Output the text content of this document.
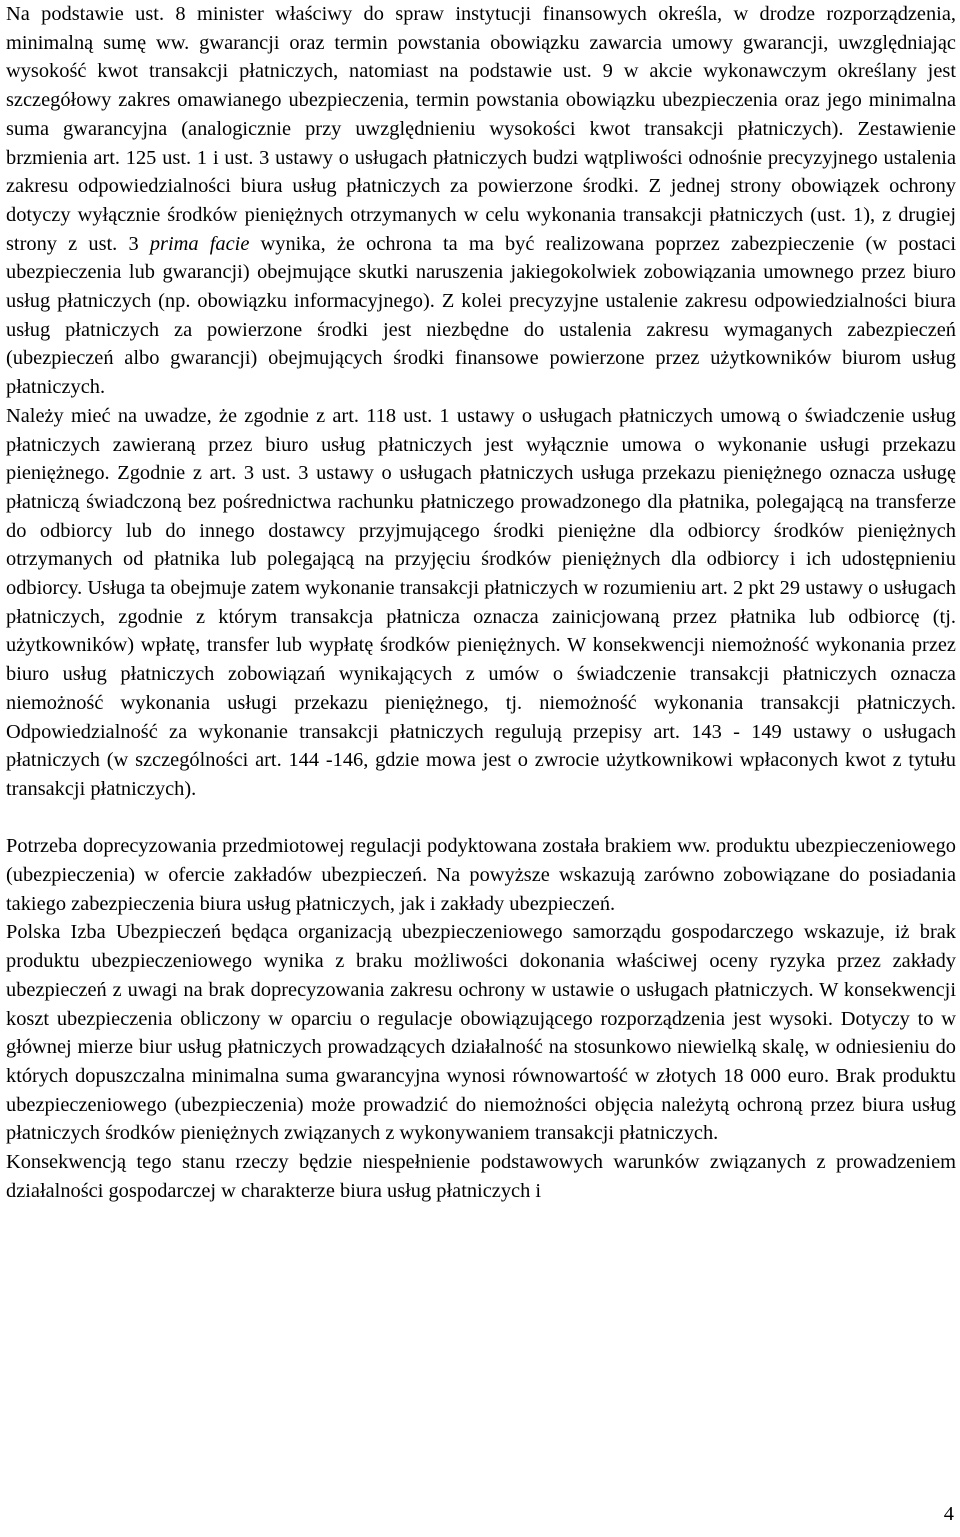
Na podstawie ust. 8 minister właściwy do spraw instytucji finansowych określa, w drodze rozporządzenia, minimalną sumę ww. gwarancji oraz termin powstania obowiązku zawarcia umowy gwarancji, uwzględniając wysokość kwot transakcji płatniczych, natomiast na podstawie ust. 9 w akcie wykonawczym określany jest szczegółowy zakres omawianego ubezpieczenia, termin powstania obowiązku ubezpieczenia oraz jego minimalna suma gwarancyjna (analogicznie przy uwzględnieniu wysokości kwot transakcji płatniczych). Zestawienie brzmienia art. 125 ust. 1 i ust. 3 ustawy o usługach płatniczych budzi wątpliwości odnośnie precyzyjnego ustalenia zakresu odpowiedzialności biura usług płatniczych za powierzone środki. Z jednej strony obowiązek ochrony dotyczy wyłącznie środków pieniężnych otrzymanych w celu wykonania transakcji płatniczych (ust. 1), z drugiej strony z ust. 3 prima facie wynika, że ochrona ta ma być realizowana poprzez zabezpieczenie (w postaci ubezpieczenia lub gwarancji) obejmujące skutki naruszenia jakiegokolwiek zobowiązania umownego przez biuro usług płatniczych (np. obowiązku informacyjnego). Z kolei precyzyjne ustalenie zakresu odpowiedzialności biura usług płatniczych za powierzone środki jest niezbędne do ustalenia zakresu wymaganych zabezpieczeń (ubezpieczeń albo gwarancji) obejmujących środki finansowe powierzone przez użytkowników biurom usług płatniczych.

Należy mieć na uwadze, że zgodnie z art. 118 ust. 1 ustawy o usługach płatniczych umową o świadczenie usług płatniczych zawieraną przez biuro usług płatniczych jest wyłącznie umowa o wykonanie usługi przekazu pieniężnego. Zgodnie z art. 3 ust. 3 ustawy o usługach płatniczych usługa przekazu pieniężnego oznacza usługę płatniczą świadczoną bez pośrednictwa rachunku płatniczego prowadzonego dla płatnika, polegającą na transferze do odbiorcy lub do innego dostawcy przyjmującego środki pieniężne dla odbiorcy środków pieniężnych otrzymanych od płatnika lub polegającą na przyjęciu środków pieniężnych dla odbiorcy i ich udostępnieniu odbiorcy. Usługa ta obejmuje zatem wykonanie transakcji płatniczych w rozumieniu art. 2 pkt 29 ustawy o usługach płatniczych, zgodnie z którym transakcja płatnicza oznacza zainicjowaną przez płatnika lub odbiorcę (tj. użytkowników) wpłatę, transfer lub wypłatę środków pieniężnych. W konsekwencji niemożność wykonania przez biuro usług płatniczych zobowiązań wynikających z umów o świadczenie transakcji płatniczych oznacza niemożność wykonania usługi przekazu pieniężnego, tj. niemożność wykonania transakcji płatniczych. Odpowiedzialność za wykonanie transakcji płatniczych regulują przepisy art. 143 - 149 ustawy o usługach płatniczych (w szczególności art. 144 -146, gdzie mowa jest o zwrocie użytkownikowi wpłaconych kwot z tytułu transakcji płatniczych).

Potrzeba doprecyzowania przedmiotowej regulacji podyktowana została brakiem ww. produktu ubezpieczeniowego (ubezpieczenia) w ofercie zakładów ubezpieczeń. Na powyższe wskazują zarówno zobowiązane do posiadania takiego zabezpieczenia biura usług płatniczych, jak i zakłady ubezpieczeń.

Polska Izba Ubezpieczeń będąca organizacją ubezpieczeniowego samorządu gospodarczego wskazuje, iż brak produktu ubezpieczeniowego wynika z braku możliwości dokonania właściwej oceny ryzyka przez zakłady ubezpieczeń z uwagi na brak doprecyzowania zakresu ochrony w ustawie o usługach płatniczych. W konsekwencji koszt ubezpieczenia obliczony w oparciu o regulacje obowiązującego rozporządzenia jest wysoki. Dotyczy to w głównej mierze biur usług płatniczych prowadzących działalność na stosunkowo niewielką skalę, w odniesieniu do których dopuszczalna minimalna suma gwarancyjna wynosi równowartość w złotych 18 000 euro. Brak produktu ubezpieczeniowego (ubezpieczenia) może prowadzić do niemożności objęcia należytą ochroną przez biura usług płatniczych środków pieniężnych związanych z wykonywaniem transakcji płatniczych.

Konsekwencją tego stanu rzeczy będzie niespełnienie podstawowych warunków związanych z prowadzeniem działalności gospodarczej w charakterze biura usług płatniczych i

4
